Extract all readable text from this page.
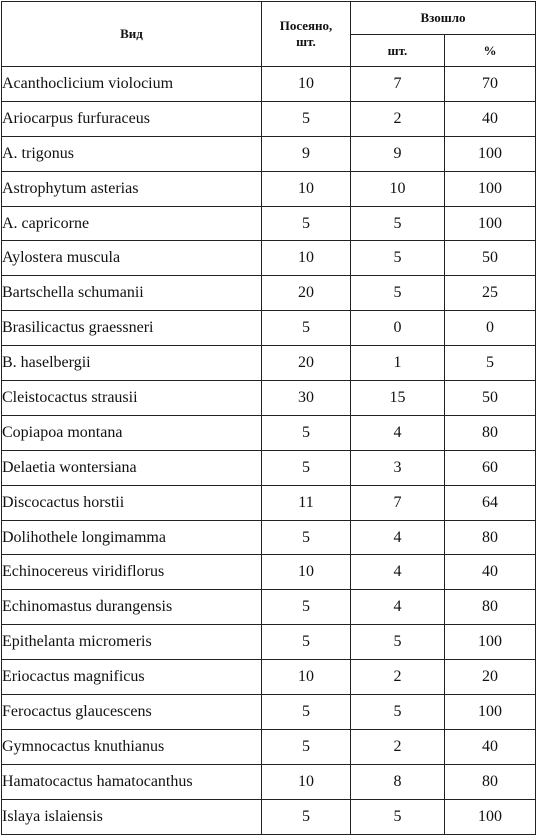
Вид	Посеяно, шт.	Взошло	
		шт.	%
Acanthoclicium violocium	10	7	70
Ariocarpus furfuraceus	5	2	40
A. trigonus	9	9	100
Astrophytum asterias	10	10	100
A. capricorne	5	5	100
Aylostera muscula	10	5	50
Bartschella schumanii	20	5	25
Brasilicactus graessneri	5	0	0
B. haselbergii	20	1	5
Cleistocactus strausii	30	15	50
Copiapoa montana	5	4	80
Delaetia wontersiana	5	3	60
Discocactus horstii	11	7	64
Dolihothele longimamma	5	4	80
Echinocereus viridiflorus	10	4	40
Echinomastus durangensis	5	4	80
Epithelanta micromeris	5	5	100
Eriocactus magnificus	10	2	20
Ferocactus glaucescens	5	5	100
Gymnocactus knuthianus	5	2	40
Hamatocactus hamatocanthus	10	8	80
Islaya islaiensis	5	5	100
